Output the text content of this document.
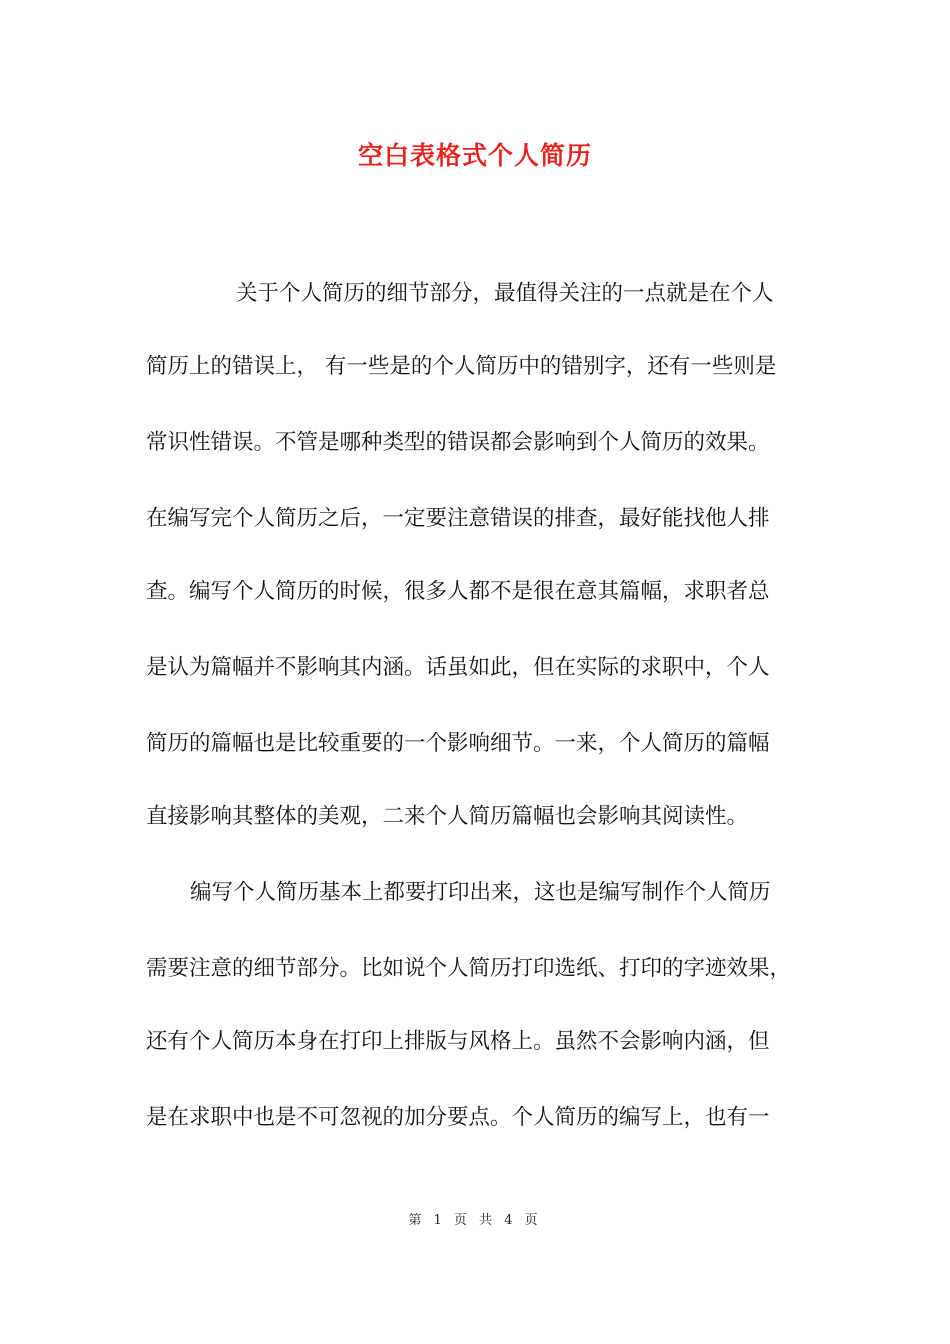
空白表格式个人简历
关于个人简历的细节部分，最值得关注的一点就是在个人
简历上的错误上， 有一些是的个人简历中的错别字，还有一些则是
常识性错误。不管是哪种类型的错误都会影响到个人简历的效果。
在编写完个人简历之后，一定要注意错误的排查，最好能找他人排
查。编写个人简历的时候，很多人都不是很在意其篇幅，求职者总
是认为篇幅并不影响其内涵。话虽如此，但在实际的求职中，个人
简历的篇幅也是比较重要的一个影响细节。一来，个人简历的篇幅
直接影响其整体的美观，二来个人简历篇幅也会影响其阅读性。
编写个人简历基本上都要打印出来，这也是编写制作个人简历
需要注意的细节部分。比如说个人简历打印选纸、打印的字迹效果，
还有个人简历本身在打印上排版与风格上。虽然不会影响内涵，但
是在求职中也是不可忽视的加分要点。个人简历的编写上，也有一
第 1 页 共 4 页
